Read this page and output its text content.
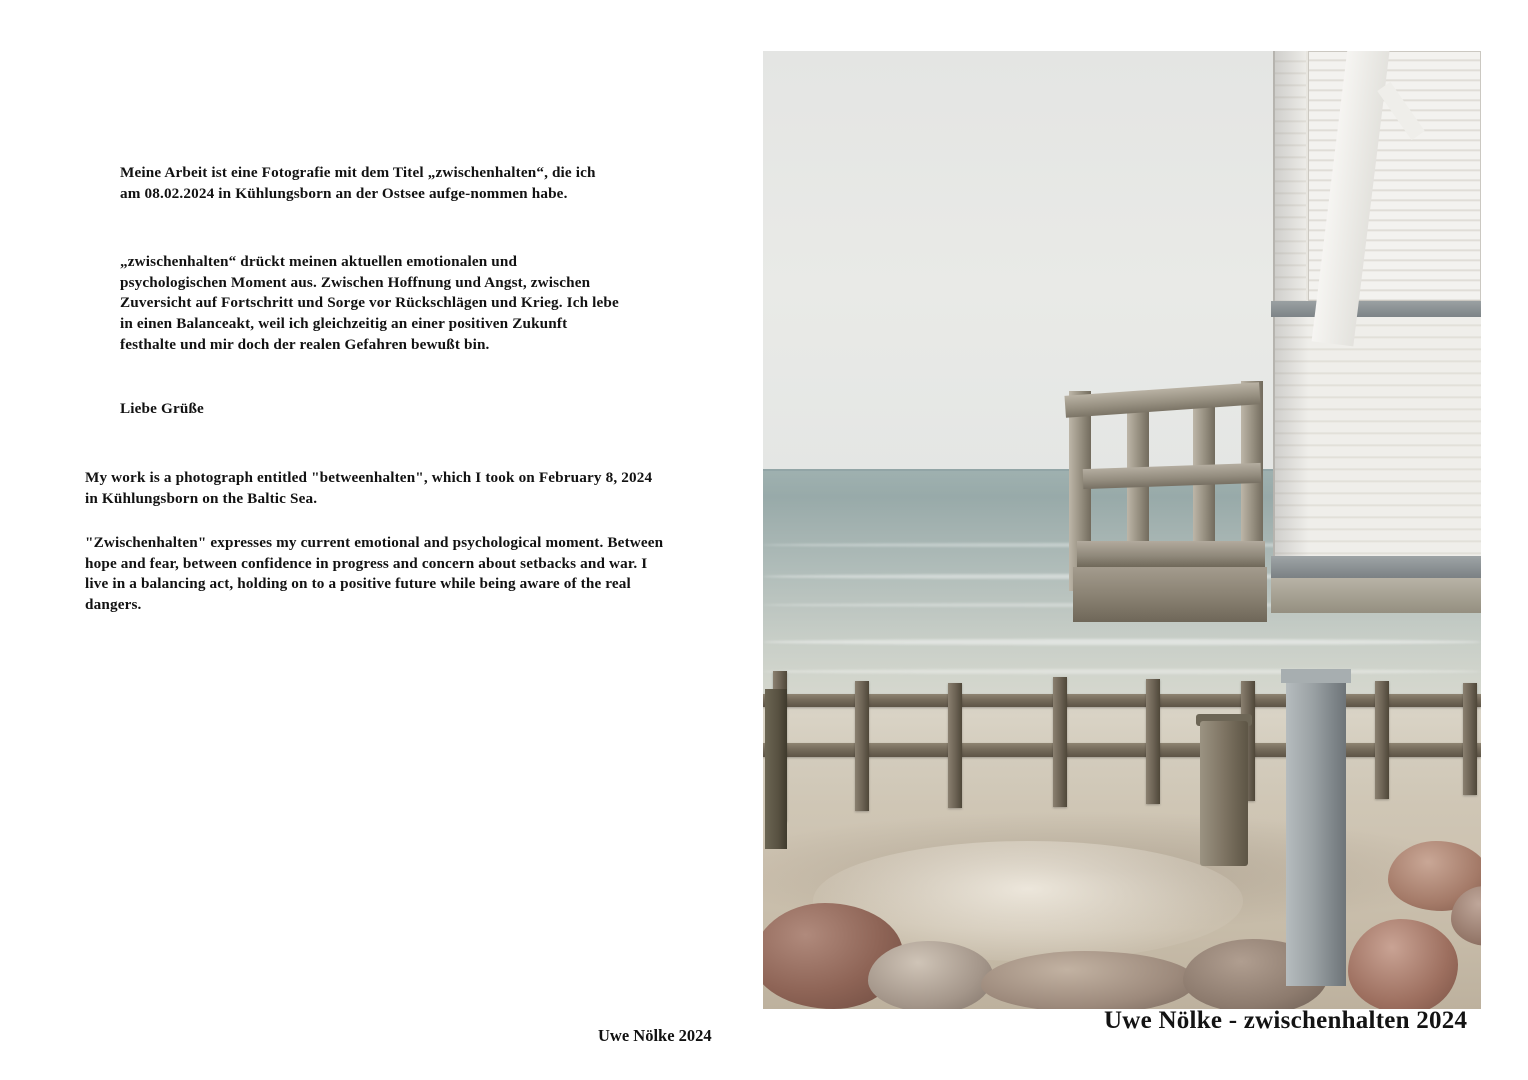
Meine Arbeit ist eine Fotografie mit dem Titel „zwischenhalten“, die ich am 08.02.2024 in Kühlungsborn an der Ostsee aufge-nommen habe.

„zwischenhalten“ drückt meinen aktuellen emotionalen und psychologischen Moment aus. Zwischen Hoffnung und Angst, zwischen Zuversicht auf Fortschritt und Sorge vor Rückschlägen und Krieg. Ich lebe in einen Balanceakt, weil ich gleichzeitig an einer positiven Zukunft festhalte und mir doch der realen Gefahren bewußt bin.

Liebe Grüße

My work is a photograph entitled "betweenhalten", which I took on February 8, 2024 in Kühlungsborn on the Baltic Sea.

"Zwischenhalten" expresses my current emotional and psychological moment. Between hope and fear, between confidence in progress and concern about setbacks and war. I live in a balancing act, holding on to a positive future while being aware of the real dangers.

Uwe Nölke 2024
Uwe Nölke - zwischenhalten 2024
